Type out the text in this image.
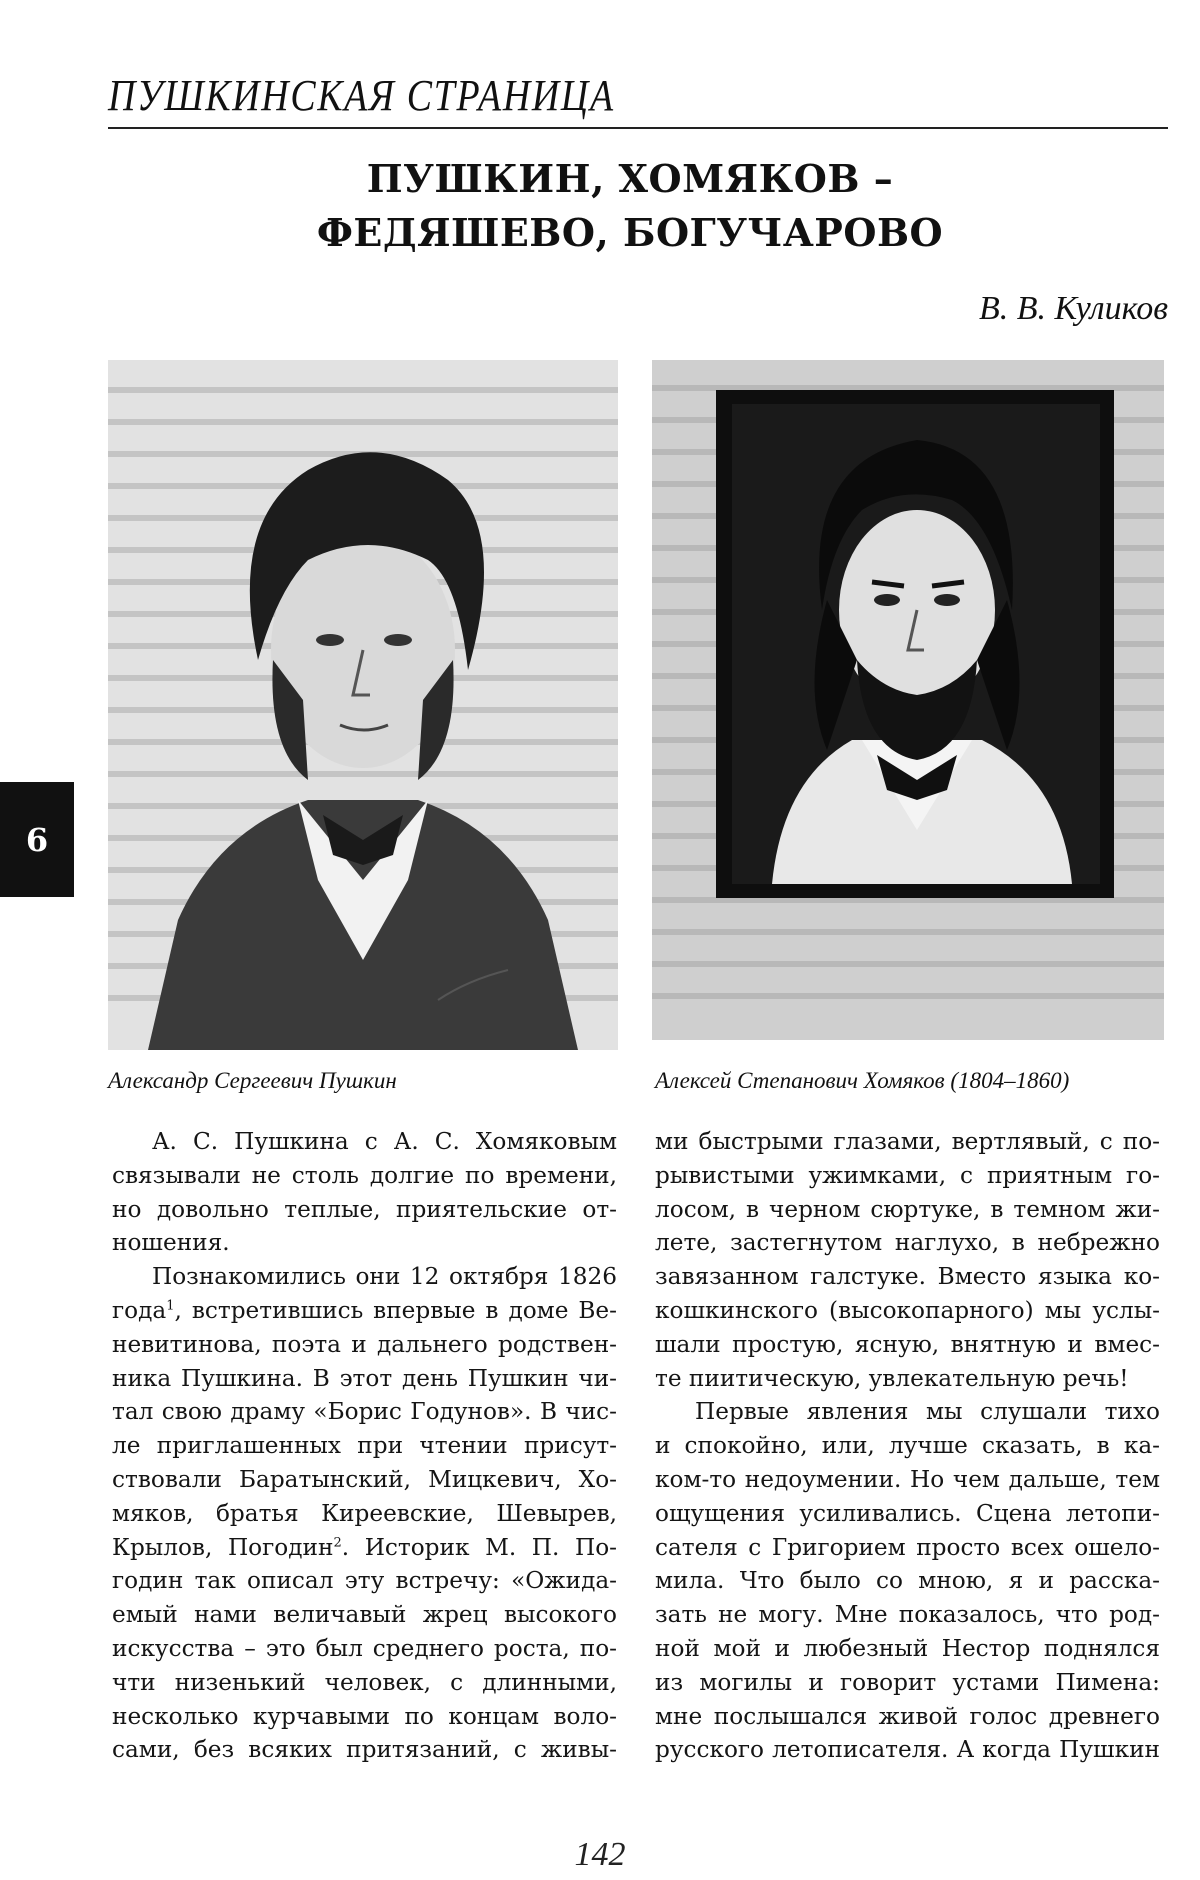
ПУШКИНСКАЯ СТРАНИЦА
ПУШКИН, ХОМЯКОВ –
ФЕДЯШЕВО, БОГУЧАРОВО
В. В. Куликов
Александр Сергеевич Пушкин	Алексей Степанович Хомяков (1804–1860)
6
А. С. Пушкина с А. С. Хомяковым
связывали не столь долгие по времени,
но довольно теплые, приятельские от-
ношения.
Познакомились они 12 октября 1826
года$^1$, встретившись впервые в доме Ве-
невитинова, поэта и дальнего родствен-
ника Пушкина. В этот день Пушкин чи-
тал свою драму «Борис Годунов». В чис-
ле приглашенных при чтении присут-
ствовали Баратынский, Мицкевич, Хо-
мяков, братья Киреевские, Шевырев,
Крылов, Погодин$^2$. Историк М. П. По-
годин так описал эту встречу: «Ожида-
емый нами величавый жрец высокого
искусства – это был среднего роста, по-
чти низенький человек, с длинными,
несколько курчавыми по концам воло-
сами, без всяких притязаний, с живы-
ми быстрыми глазами, вертлявый, с по-
рывистыми ужимками, с приятным го-
лосом, в черном сюртуке, в темном жи-
лете, застегнутом наглухо, в небрежно
завязанном галстуке. Вместо языка ко-
кошкинского (высокопарного) мы услы-
шали простую, ясную, внятную и вмес-
те пиитическую, увлекательную речь!
Первые явления мы слушали тихо
и спокойно, или, лучше сказать, в ка-
ком-то недоумении. Но чем дальше, тем
ощущения усиливались. Сцена летопи-
сателя с Григорием просто всех ошело-
мила. Что было со мною, я и расска-
зать не могу. Мне показалось, что род-
ной мой и любезный Нестор поднялся
из могилы и говорит устами Пимена:
мне послышался живой голос древнего
русского летописателя. А когда Пушкин
142
